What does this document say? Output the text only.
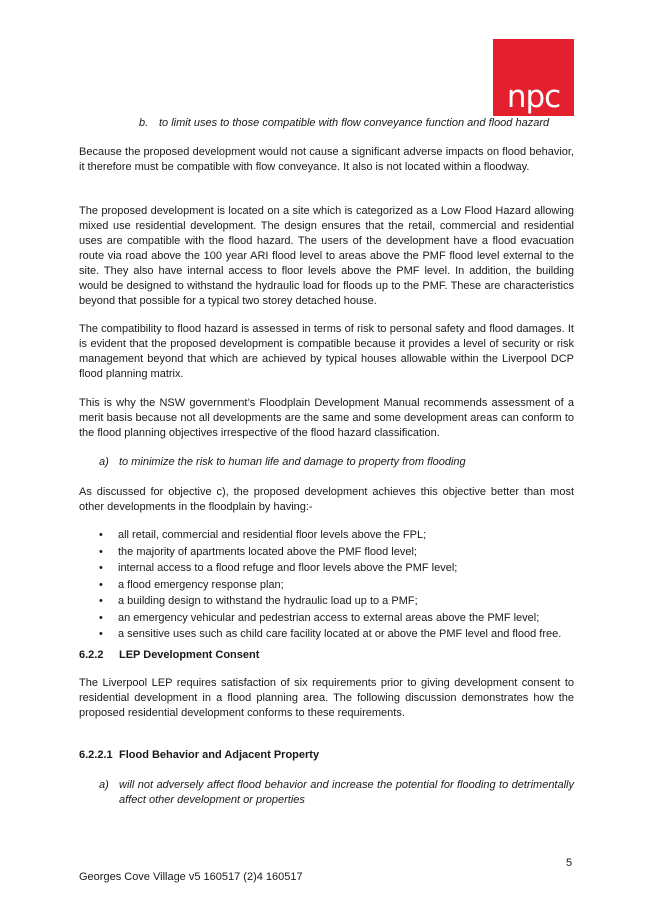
npc
b. to limit uses to those compatible with flow conveyance function and flood hazard

Because the proposed development would not cause a significant adverse impacts on flood behavior, it therefore must be compatible with flow conveyance. It also is not located within a floodway.

The proposed development is located on a site which is categorized as a Low Flood Hazard allowing mixed use residential development. The design ensures that the retail, commercial and residential uses are compatible with the flood hazard. The users of the development have a flood evacuation route via road above the 100 year ARI flood level to areas above the PMF flood level external to the site. They also have internal access to floor levels above the PMF level. In addition, the building would be designed to withstand the hydraulic load for floods up to the PMF. These are characteristics beyond that possible for a typical two storey detached house.

The compatibility to flood hazard is assessed in terms of risk to personal safety and flood damages. It is evident that the proposed development is compatible because it provides a level of security or risk management beyond that which are achieved by typical houses allowable within the Liverpool DCP flood planning matrix.

This is why the NSW government’s Floodplain Development Manual recommends assessment of a merit basis because not all developments are the same and some development areas can conform to the flood planning objectives irrespective of the flood hazard classification.

a) to minimize the risk to human life and damage to property from flooding

As discussed for objective c), the proposed development achieves this objective better than most other developments in the floodplain by having:-

• all retail, commercial and residential floor levels above the FPL;
• the majority of apartments located above the PMF flood level;
• internal access to a flood refuge and floor levels above the PMF level;
• a flood emergency response plan;
• a building design to withstand the hydraulic load up to a PMF;
• an emergency vehicular and pedestrian access to external areas above the PMF level;
• a sensitive uses such as child care facility located at or above the PMF level and flood free.
6.2.2 LEP Development Consent

The Liverpool LEP requires satisfaction of six requirements prior to giving development consent to residential development in a flood planning area. The following discussion demonstrates how the proposed residential development conforms to these requirements.

6.2.2.1 Flood Behavior and Adjacent Property
a) will not adversely affect flood behavior and increase the potential for flooding to detrimentally affect other development or properties
5
Georges Cove Village v5 160517 (2)4 160517
